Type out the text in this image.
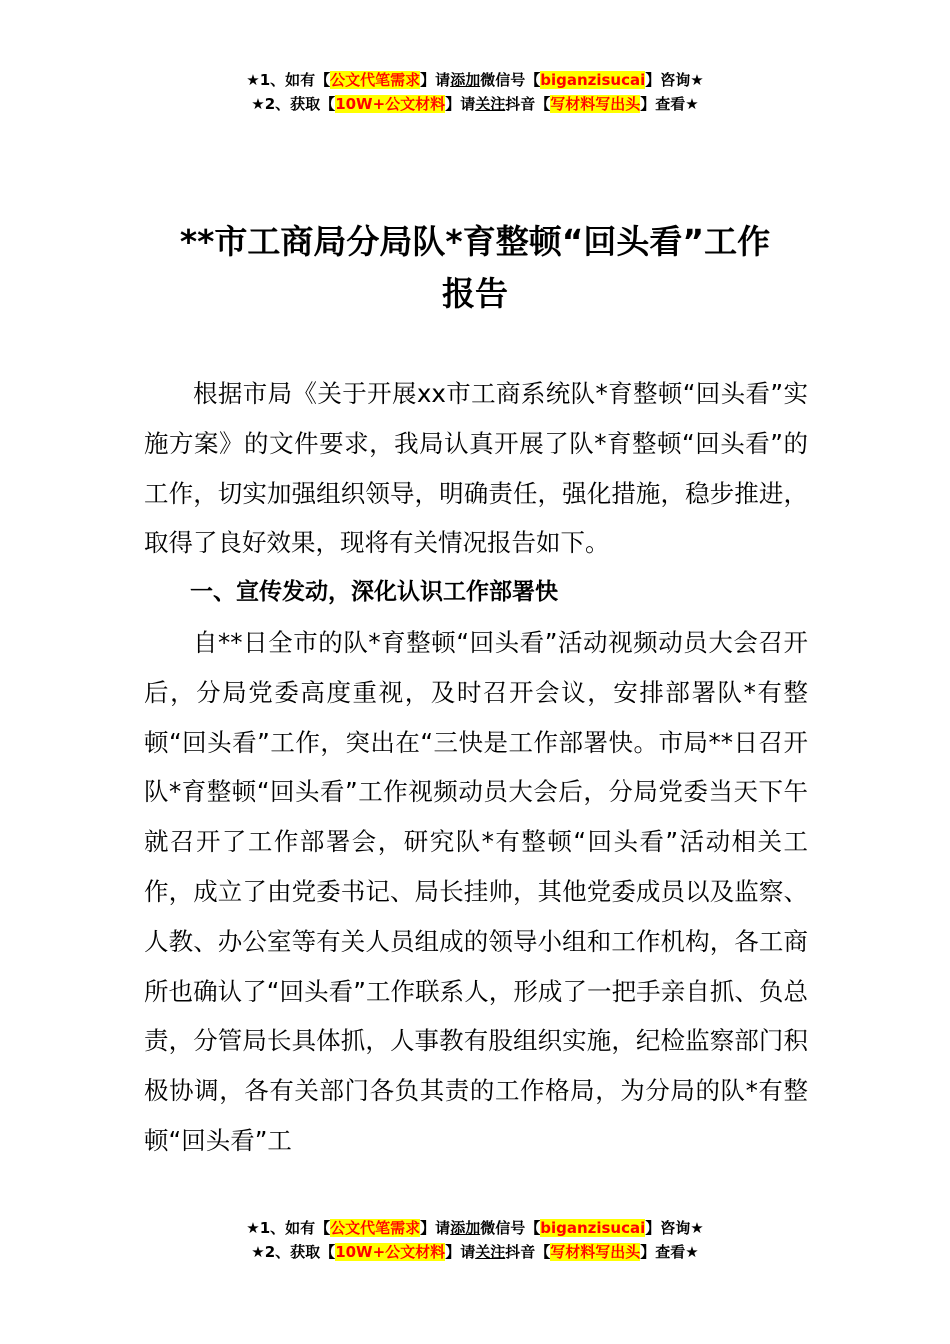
★1、如有【公文代笔需求】请添加微信号【biganzisucai】咨询★
★2、获取【10W+公文材料】请关注抖音【写材料写出头】查看★
**市工商局分局队*育整顿“回头看”工作
报告

根据市局《关于开展xx市工商系统队*育整顿“回头看”实施方案》的文件要求，我局认真开展了队*育整顿“回头看”的工作，切实加强组织领导，明确责任，强化措施，稳步推进，取得了良好效果，现将有关情况报告如下。

一、宣传发动，深化认识工作部署快

自**日全市的队*育整顿“回头看”活动视频动员大会召开后，分局党委高度重视，及时召开会议，安排部署队*有整顿“回头看”工作，突出在“三快是工作部署快。市局**日召开队*育整顿“回头看”工作视频动员大会后，分局党委当天下午就召开了工作部署会，研究队*有整顿“回头看”活动相关工作，成立了由党委书记、局长挂帅，其他党委成员以及监察、人教、办公室等有关人员组成的领导小组和工作机构，各工商所也确认了“回头看”工作联系人，形成了一把手亲自抓、负总责，分管局长具体抓，人事教有股组织实施，纪检监察部门积极协调，各有关部门各负其责的工作格局，为分局的队*有整顿“回头看”工

★1、如有【公文代笔需求】请添加微信号【biganzisucai】咨询★
★2、获取【10W+公文材料】请关注抖音【写材料写出头】查看★
